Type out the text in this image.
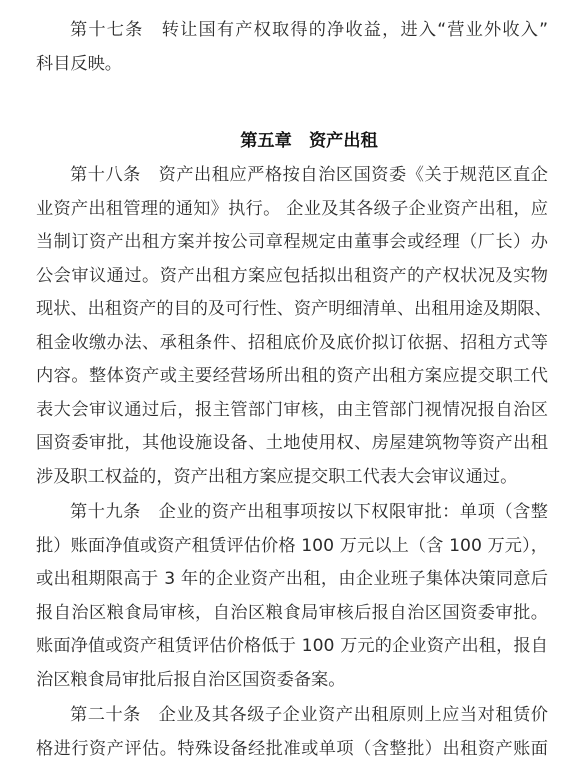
第十七条　转让国有产权取得的净收益，进入“营业外收入”
科目反映。
第五章　资产出租
第十八条　资产出租应严格按自治区国资委《关于规范区直企
业资产出租管理的通知》执行。 企业及其各级子企业资产出租，应
当制订资产出租方案并按公司章程规定由董事会或经理（厂长）办
公会审议通过。资产出租方案应包括拟出租资产的产权状况及实物
现状、出租资产的目的及可行性、资产明细清单、出租用途及期限、
租金收缴办法、承租条件、招租底价及底价拟订依据、招租方式等
内容。整体资产或主要经营场所出租的资产出租方案应提交职工代
表大会审议通过后，报主管部门审核，由主管部门视情况报自治区
国资委审批，其他设施设备、土地使用权、房屋建筑物等资产出租
涉及职工权益的，资产出租方案应提交职工代表大会审议通过。
第十九条　企业的资产出租事项按以下权限审批：单项（含整
批）账面净值或资产租赁评估价格 100 万元以上（含 100 万元），
或出租期限高于 3 年的企业资产出租，由企业班子集体决策同意后
报自治区粮食局审核，自治区粮食局审核后报自治区国资委审批。
账面净值或资产租赁评估价格低于 100 万元的企业资产出租，报自
治区粮食局审批后报自治区国资委备案。
第二十条　企业及其各级子企业资产出租原则上应当对租赁价
格进行资产评估。特殊设备经批准或单项（含整批）出租资产账面
